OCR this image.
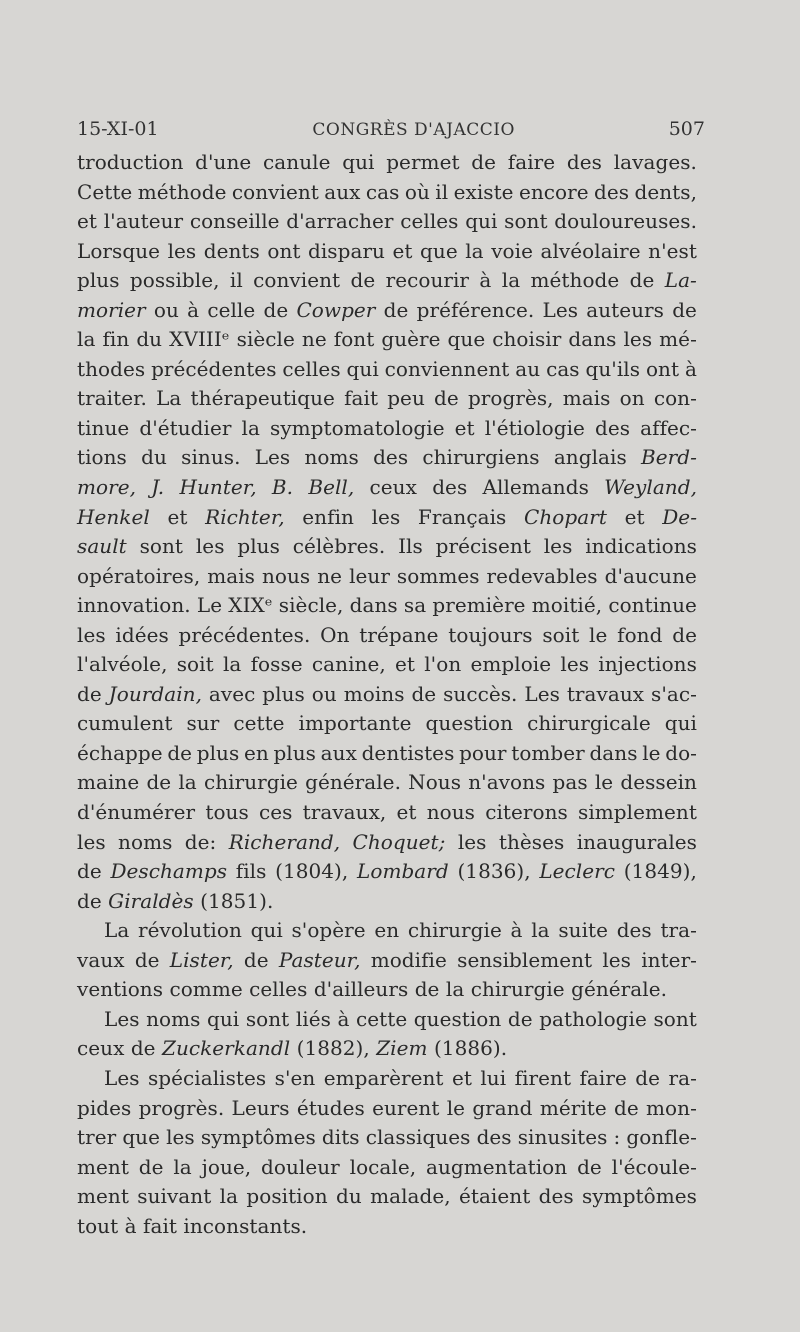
15-XI-01	CONGRÈS D'AJACCIO	507
troduction d'une canule qui permet de faire des lavages.
Cette méthode convient aux cas où il existe encore des dents,
et l'auteur conseille d'arracher celles qui sont douloureuses.
Lorsque les dents ont disparu et que la voie alvéolaire n'est
plus possible, il convient de recourir à la méthode de La-
morier ou à celle de Cowper de préférence. Les auteurs de
la fin du XVIIIᵉ siècle ne font guère que choisir dans les mé-
thodes précédentes celles qui conviennent au cas qu'ils ont à
traiter. La thérapeutique fait peu de progrès, mais on con-
tinue d'étudier la symptomatologie et l'étiologie des affec-
tions du sinus. Les noms des chirurgiens anglais Berd-
more, J. Hunter, B. Bell, ceux des Allemands Weyland,
Henkel et Richter, enfin les Français Chopart et De-
sault sont les plus célèbres. Ils précisent les indications
opératoires, mais nous ne leur sommes redevables d'aucune
innovation. Le XIXᵉ siècle, dans sa première moitié, continue
les idées précédentes. On trépane toujours soit le fond de
l'alvéole, soit la fosse canine, et l'on emploie les injections
de Jourdain, avec plus ou moins de succès. Les travaux s'ac-
cumulent sur cette importante question chirurgicale qui
échappe de plus en plus aux dentistes pour tomber dans le do-
maine de la chirurgie générale. Nous n'avons pas le dessein
d'énumérer tous ces travaux, et nous citerons simplement
les noms de: Richerand, Choquet; les thèses inaugurales
de Deschamps fils (1804), Lombard (1836), Leclerc (1849),
de
Giraldès
(1851).
La révolution qui s'opère en chirurgie à la suite des tra-
vaux de Lister, de Pasteur, modifie sensiblement les inter-
ventions
comme
celles
d'ailleurs
de
la
chirurgie
générale.
Les noms qui sont liés à cette question de pathologie sont
ceux
de
Zuckerkandl
(1882),
Ziem
(1886).
Les spécialistes s'en emparèrent et lui firent faire de ra-
pides progrès. Leurs études eurent le grand mérite de mon-
trer que les symptômes dits classiques des sinusites : gonfle-
ment de la joue, douleur locale, augmentation de l'écoule-
ment suivant la position du malade, étaient des symptômes
tout
à
fait
inconstants.
